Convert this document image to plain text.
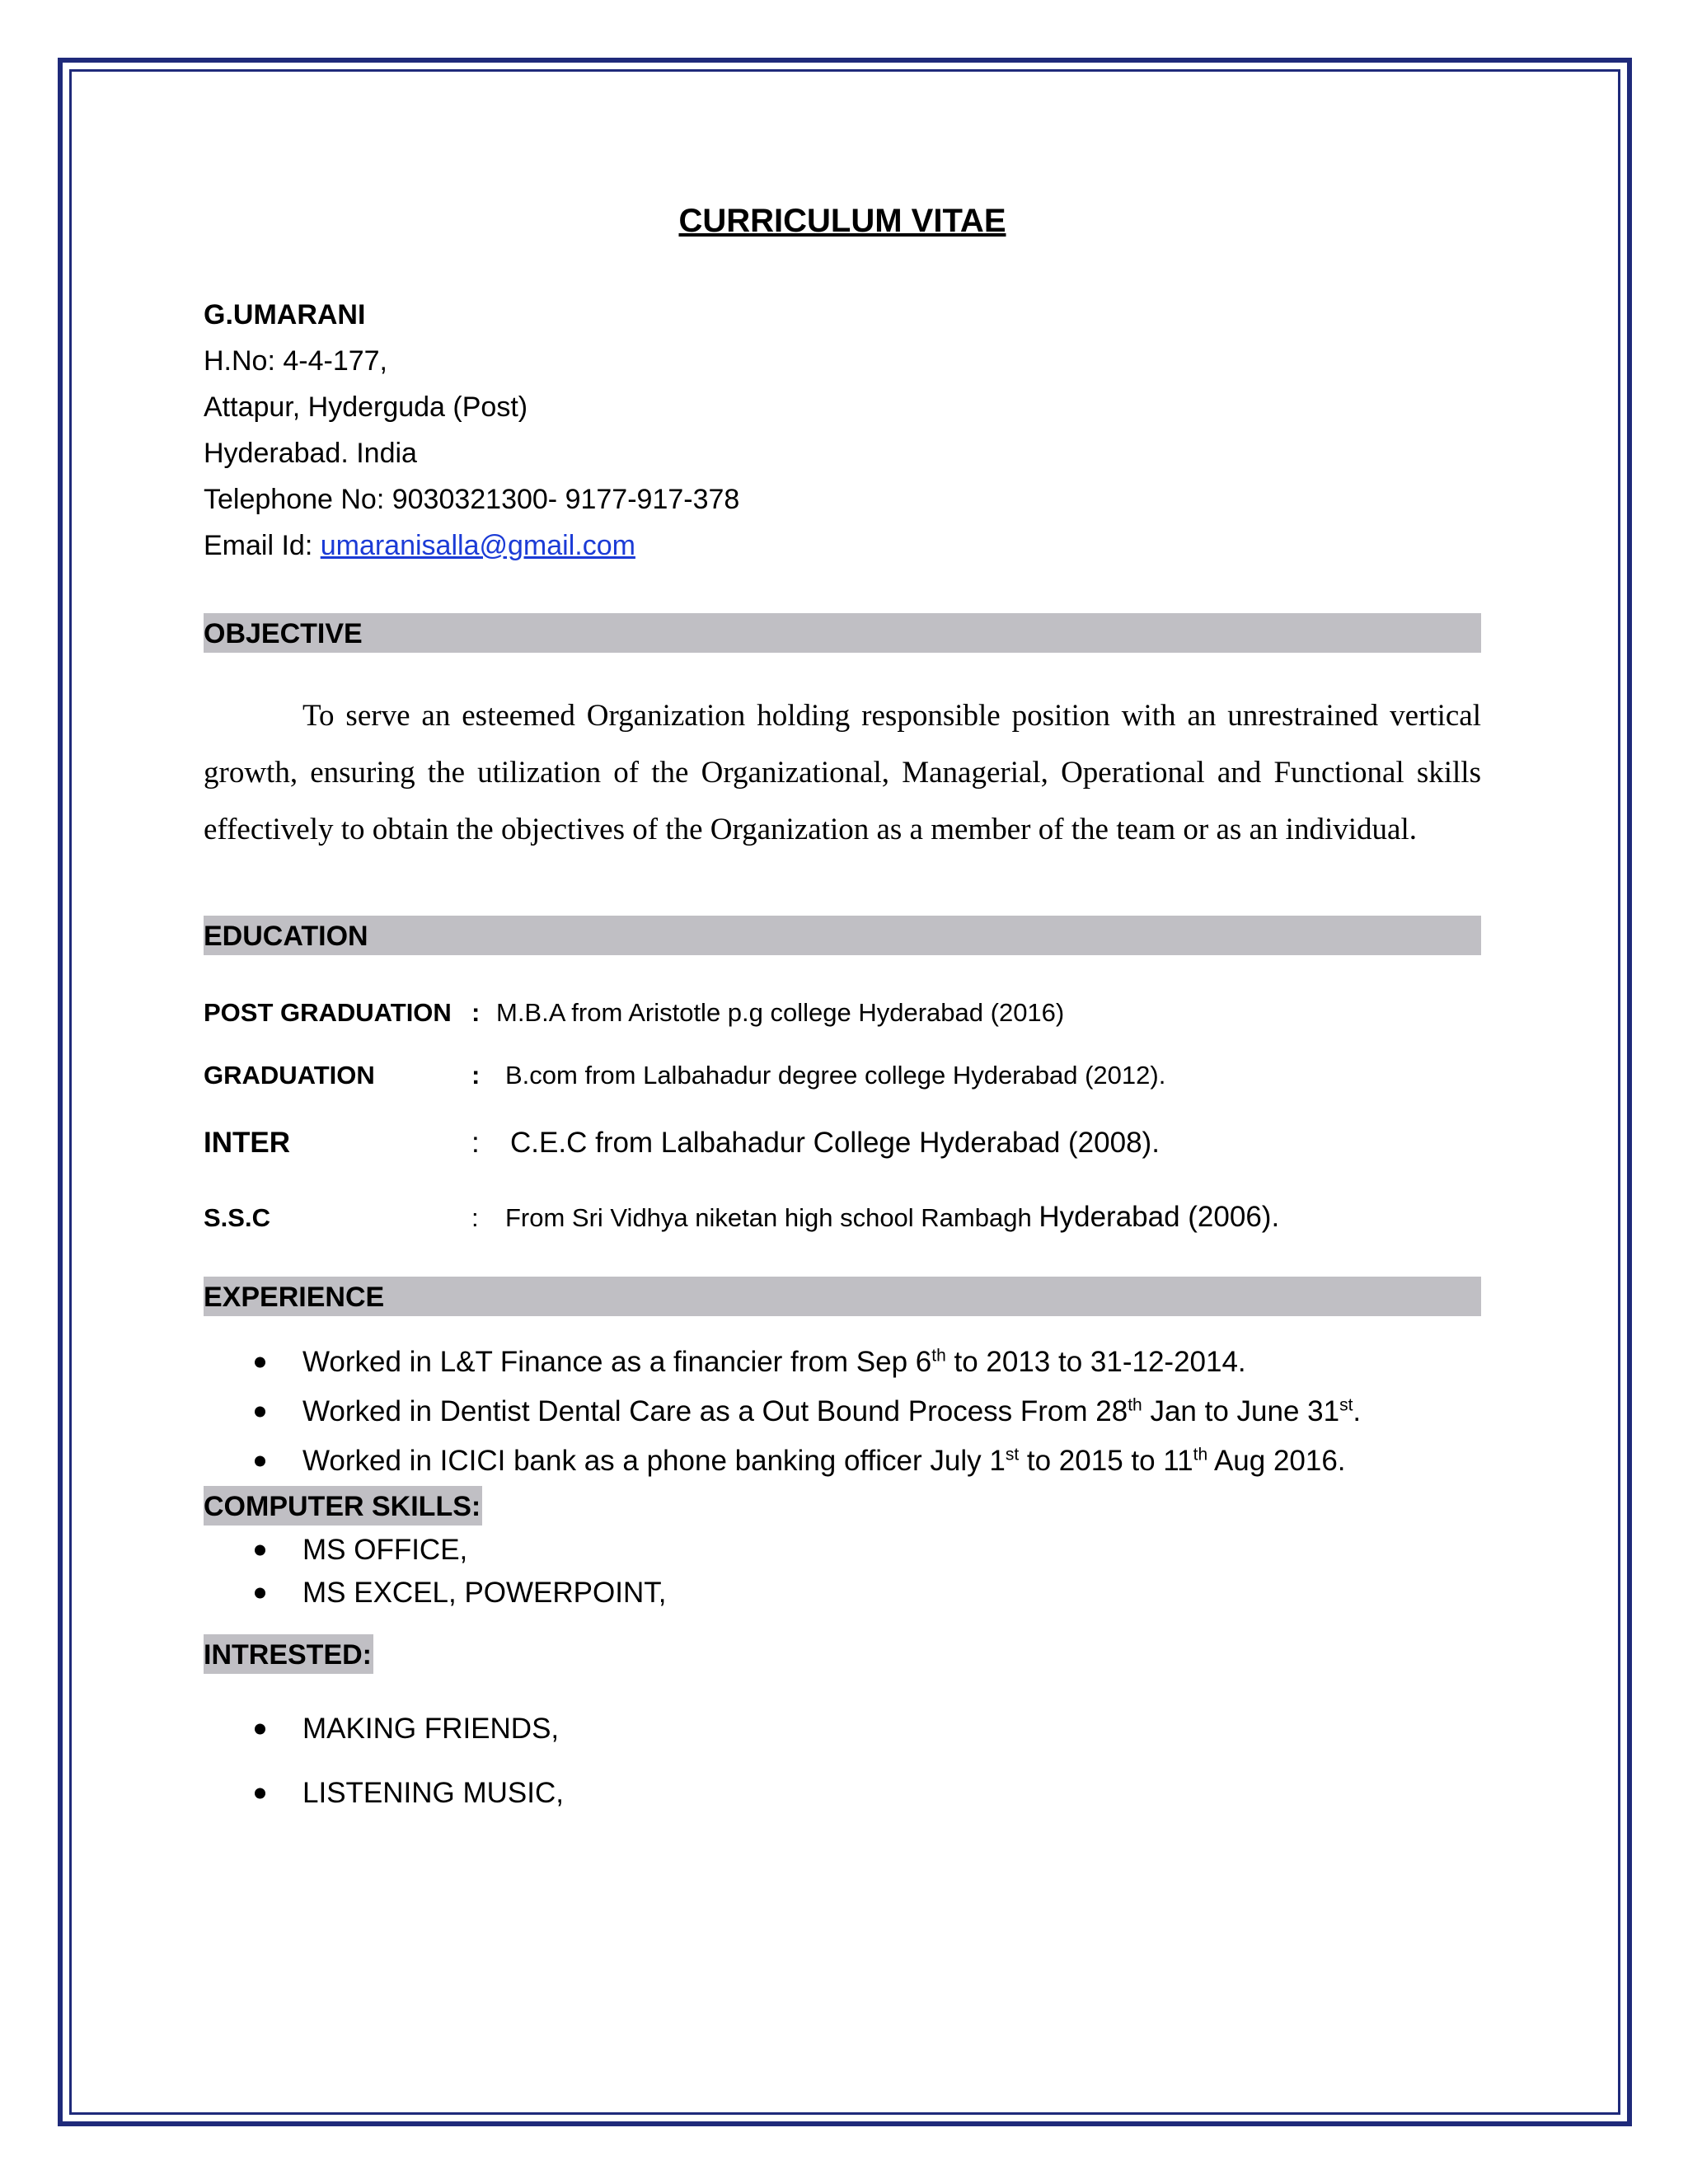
CURRICULUM VITAE
G.UMARANI
H.No: 4-4-177,
Attapur, Hyderguda (Post)
Hyderabad. India
Telephone No: 9030321300- 9177-917-378
Email Id: umaranisalla@gmail.com
OBJECTIVE
To serve an esteemed Organization holding responsible position with an unrestrained vertical growth, ensuring the utilization of the Organizational, Managerial, Operational and Functional skills effectively to obtain the objectives of the Organization as a member of the team or as an individual.
EDUCATION
POST GRADUATION : M.B.A from Aristotle p.g college Hyderabad (2016)
GRADUATION	: B.com from Lalbahadur degree college Hyderabad (2012).
INTER	:	C.E.C from Lalbahadur College Hyderabad (2008).
S.S.C	:	From Sri Vidhya niketan high school Rambagh Hyderabad (2006).
EXPERIENCE
Worked in L&T Finance as a financier from Sep 6th to 2013 to 31-12-2014.
Worked in Dentist Dental Care as a Out Bound Process From 28th Jan to June 31st.
Worked in ICICI bank as a phone banking officer July 1st to 2015 to 11th Aug 2016.
COMPUTER SKILLS:
MS OFFICE,
MS EXCEL, POWERPOINT,
INTRESTED:
MAKING FRIENDS,
LISTENING MUSIC,
